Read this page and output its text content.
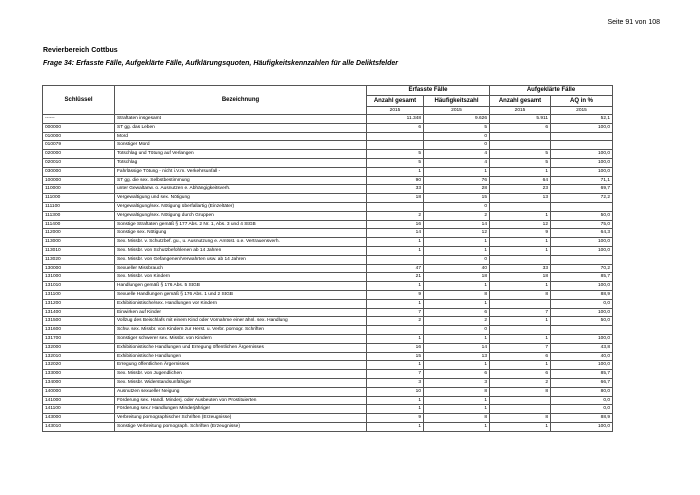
Seite 91 von 108
Revierbereich Cottbus
Frage 34: Erfasste Fälle, Aufgeklärte Fälle, Aufklärungsquoten, Häufigkeitskennzahlen für alle Deliktsfelder
Schlüssel	Bezeichnung	Erfasste Fälle		Aufgeklärte Fälle	
		Anzahl gesamt	Häufigkeitszahl	Anzahl gesamt	AQ in %
		2015	2015	2015	2015
------	Straftaten insgesamt	11.348	9.626	5.911	52,1
000000	ST gg. das Leben	6	5	6	100,0
010000	Mord		0		
010079	Sonstiger Mord		0		
020000	Totschlag und Tötung auf Verlangen	5	4	5	100,0
020010	Totschlag	5	4	5	100,0
030000	Fahrlässige Tötung - nicht i.V.m. Verkehrsunfall -	1	1	1	100,0
100000	ST gg. die sex. Selbstbestimmung	90	76	64	71,1
110000	unter Gewaltanw. o. Ausnutzen e. Abhängigkeitsverh.	33	28	23	69,7
111000	Vergewaltigung und sex. Nötigung	18	15	13	72,2
111100	Vergewaltigung/sex. Nötigung überfallartig (Einzeltäter)		0		
111300	Vergewaltigung/sex. Nötigung durch Gruppen	2	2	1	50,0
111400	Sonstige Straftaten gemäß § 177 Abs. 2 Nr. 1, Abs. 3 und 4 StGB	16	14	12	75,0
112000	Sonstige sex. Nötigung	14	12	9	64,3
113000	Sex. Missbr. v. Schutzbef. gu., u. Ausnutzung e. Amtsst. o.e. Vertrauensverh.	1	1	1	100,0
113010	Sex. Missbr. von Schutzbefohlenen ab 14 Jahren	1	1	1	100,0
113020	Sex. Missbr. von Gefangenen/Verwahrten usw. ab 14 Jahren		0		
130000	Sexueller Missbrauch	47	40	33	70,2
131000	Sex. Missbr. von Kindern	21	18	18	85,7
131010	Handlungen gemäß § 176 Abs. 5 StGB	1	1	1	100,0
131100	Sexuelle Handlungen gemäß § 176 Abs. 1 und 2 StGB	9	8	8	88,9
131200	Exhibitionistische/sex. Handlungen vor Kindern	1	1		0,0
131400	Einwirken auf Kinder	7	6	7	100,0
131500	Vollzug des Beischlafs mit einem Kind oder Vornahme einer ähnl. sex. Handlung	2	2	1	50,0
131600	Schw. sex. Missbr. von Kindern zur Herst. u. Verbr. pornogr. Schriften		0		
131700	Sonstiger schwerer sex. Missbr. von Kindern	1	1	1	100,0
132000	Exhibitionistische Handlungen und Erregung öffentlichen Ärgernisses	16	14	7	43,8
132010	Exhibitionistische Handlungen	15	13	6	40,0
132020	Erregung öffentlichen Ärgernisses	1	1	1	100,0
133000	Sex. Missbr. von Jugendlichen	7	6	6	85,7
134000	Sex. Missbr. Widerstandsunfähiger	3	3	2	66,7
140000	Ausnutzen sexueller Neigung	10	8	8	80,0
141000	Förderung sex. Handl. Minderj. oder Ausbeuten von Prostituierten	1	1		0,0
141100	Förderung sex.r Handlungen Minderjähriger	1	1		0,0
143000	Verbreitung pornographischer Schriften (Erzeugnisse)	9	8	8	88,9
143010	Sonstige Verbreitung pornograph. Schriften (Erzeugnisse)	1	1	1	100,0
